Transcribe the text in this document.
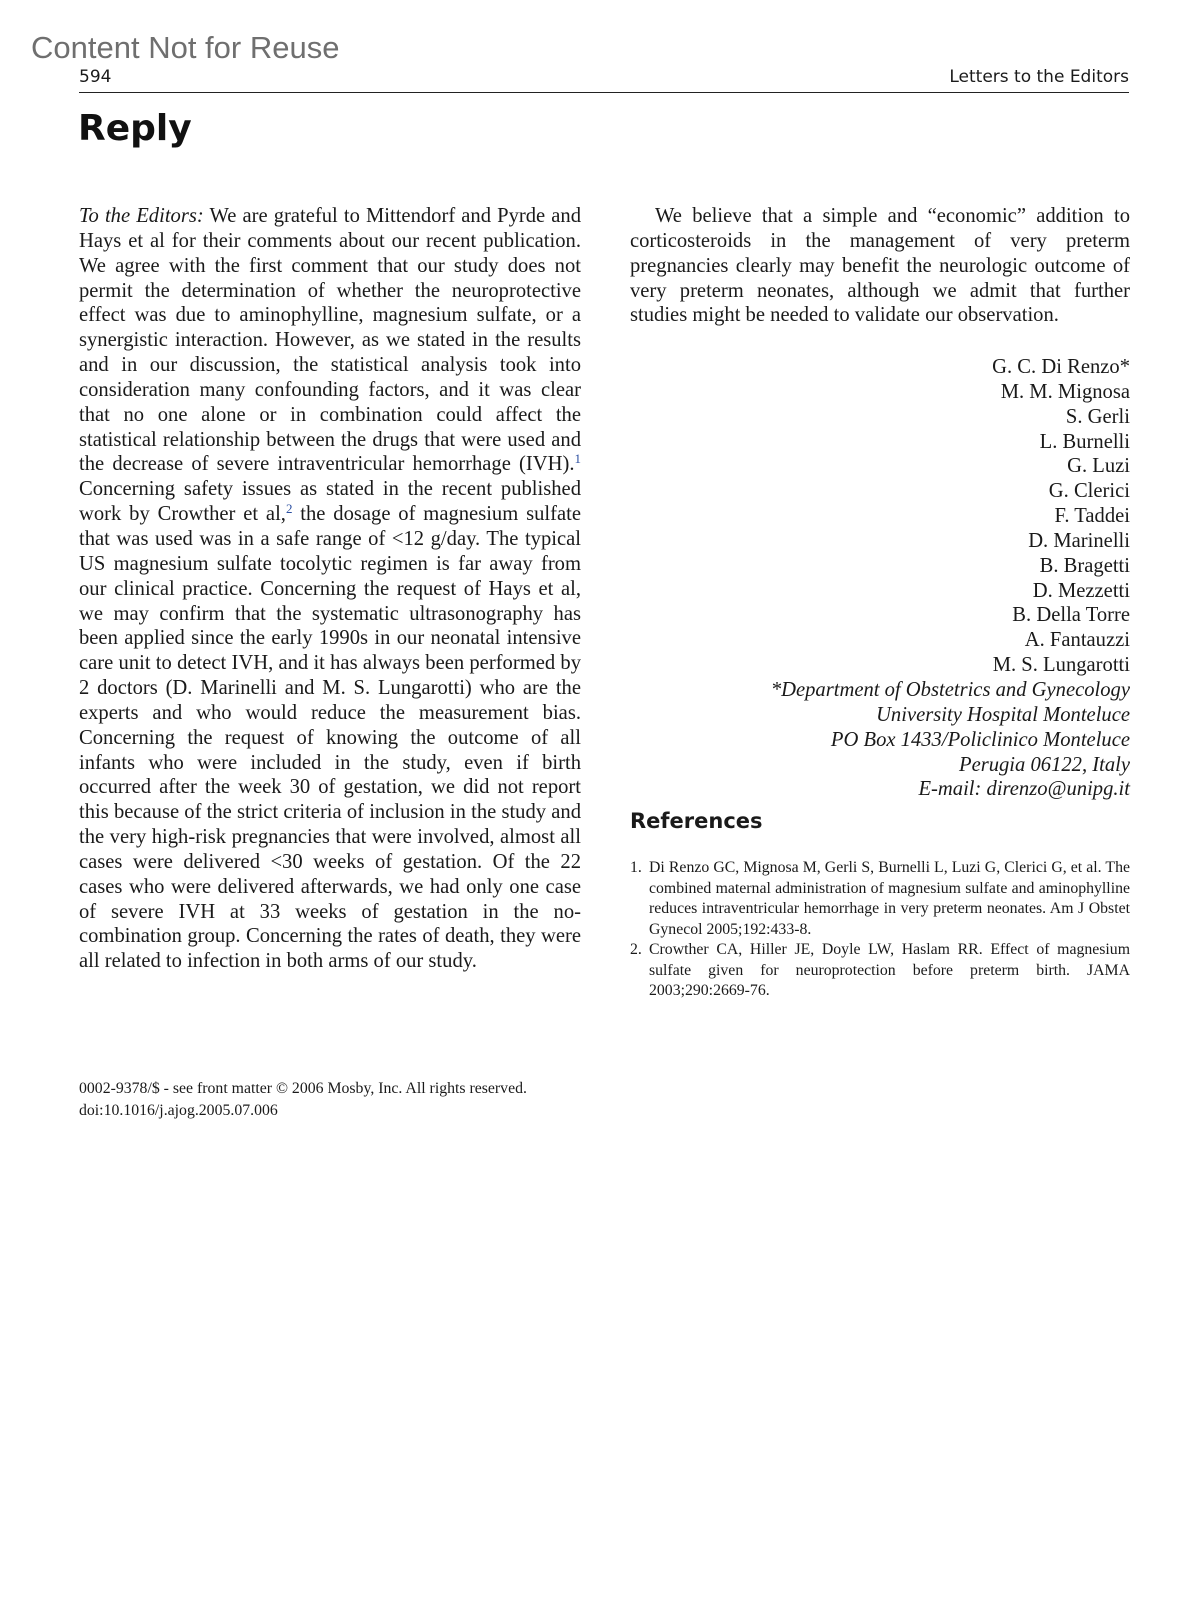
Content Not for Reuse
594	Letters to the Editors
Reply

To the Editors: We are grateful to Mittendorf and Pyrde and Hays et al for their comments about our recent publication. We agree with the first comment that our study does not permit the determination of whether the neuroprotective effect was due to aminophylline, magnesium sulfate, or a synergistic interaction. However, as we stated in the results and in our discussion, the statistical analysis took into consideration many confounding factors, and it was clear that no one alone or in combination could affect the statistical relationship between the drugs that were used and the decrease of severe intraventricular hemorrhage (IVH).$^1$ Concerning safety issues as stated in the recent published work by Crowther et al,$^2$ the dosage of magnesium sulfate that was used was in a safe range of <12 g/day. The typical US magnesium sulfate tocolytic regimen is far away from our clinical practice. Concerning the request of Hays et al, we may confirm that the systematic ultrasonography has been applied since the early 1990s in our neonatal intensive care unit to detect IVH, and it has always been performed by 2 doctors (D. Marinelli and M. S. Lungarotti) who are the experts and who would reduce the measurement bias. Concerning the request of knowing the outcome of all infants who were included in the study, even if birth occurred after the week 30 of gestation, we did not report this because of the strict criteria of inclusion in the study and the very high-risk pregnancies that were involved, almost all cases were delivered <30 weeks of gestation. Of the 22 cases who were delivered afterwards, we had only one case of severe IVH at 33 weeks of gestation in the no-combination group. Concerning the rates of death, they were all related to infection in both arms of our study.

We believe that a simple and “economic” addition to corticosteroids in the management of very preterm pregnancies clearly may benefit the neurologic outcome of very preterm neonates, although we admit that further studies might be needed to validate our observation.

G. C. Di Renzo*
M. M. Mignosa
S. Gerli
L. Burnelli
G. Luzi
G. Clerici
F. Taddei
D. Marinelli
B. Bragetti
D. Mezzetti
B. Della Torre
A. Fantauzzi
M. S. Lungarotti
*Department of Obstetrics and Gynecology
University Hospital Monteluce
PO Box 1433/Policlinico Monteluce
Perugia 06122, Italy
E-mail: direnzo@unipg.it
References
1. Di Renzo GC, Mignosa M, Gerli S, Burnelli L, Luzi G, Clerici G, et al. The combined maternal administration of magnesium sulfate and aminophylline reduces intraventricular hemorrhage in very preterm neonates. Am J Obstet Gynecol 2005;192:433-8.
2. Crowther CA, Hiller JE, Doyle LW, Haslam RR. Effect of magnesium sulfate given for neuroprotection before preterm birth. JAMA 2003;290:2669-76.
0002-9378/$ - see front matter © 2006 Mosby, Inc. All rights reserved.
doi:10.1016/j.ajog.2005.07.006
